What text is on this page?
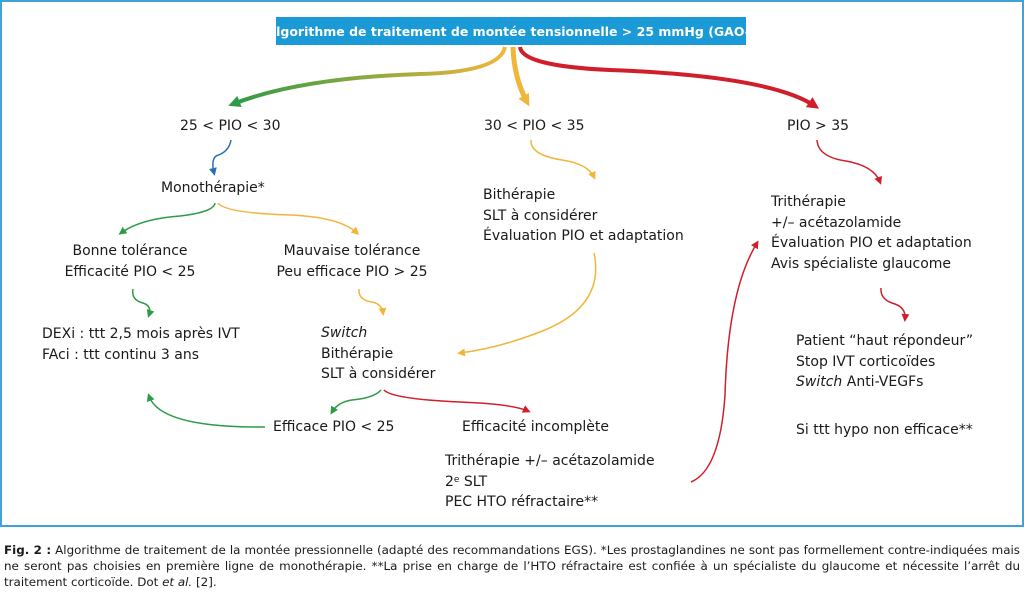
Algorithme de traitement de montée tensionnelle > 25 mmHg (GAO-)
25 < PIO < 30	30 < PIO < 35	PIO > 35
Monothérapie*
Bonne tolérance
Efficacité PIO < 25
Mauvaise tolérance
Peu efficace PIO > 25
DEXi : ttt 2,5 mois après IVT
FAci : ttt continu 3 ans
Switch
Bithérapie
SLT à considérer
Bithérapie
SLT à considérer
Évaluation PIO et adaptation
Trithérapie
+/– acétazolamide
Évaluation PIO et adaptation
Avis spécialiste glaucome
Efficace PIO < 25	Efficacité incomplète
Trithérapie +/– acétazolamide
2e SLT
PEC HTO réfractaire**
Patient “haut répondeur”
Stop IVT corticoïdes
Switch Anti-VEGFs
Si ttt hypo non efficace**
Fig. 2 : Algorithme de traitement de la montée pressionnelle (adapté des recommandations EGS). *Les prostaglandines ne sont pas formellement contre-indiquées mais ne seront pas choisies en première ligne de monothérapie. **La prise en charge de l’HTO réfractaire est confiée à un spécialiste du glaucome et nécessite l’arrêt du traitement corticoïde. Dot et al. [2].
